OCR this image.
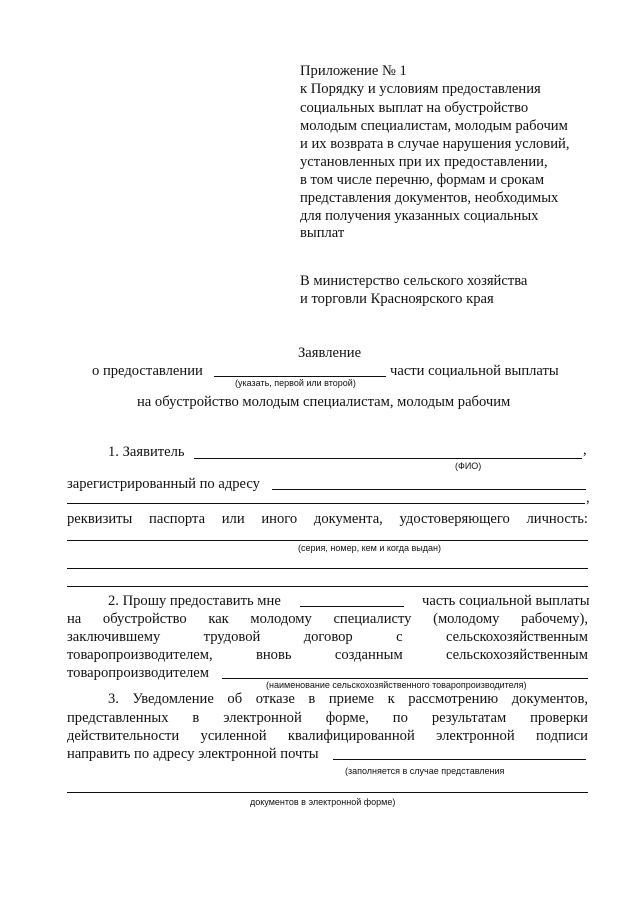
Приложение № 1
к Порядку и условиям предоставления
социальных выплат на обустройство
молодым специалистам, молодым рабочим
и их возврата в случае нарушения условий,
установленных при их предоставлении,
в том числе перечню, формам и срокам
представления документов, необходимых
для получения указанных социальных
выплат
В министерство сельского хозяйства
и торговли Красноярского края
Заявление
о предоставлении	части социальной выплаты
(указать, первой или второй)
на обустройство молодым специалистам, молодым рабочим
1. Заявитель	,
(ФИО)
зарегистрированный по адресу
,
реквизиты паспорта или иного документа, удостоверяющего личность:
(серия, номер, кем и когда выдан)
2. Прошу предоставить мне	часть социальной выплаты
на обустройство как молодому специалисту (молодому рабочему),
заключившему	трудовой	договор	с	сельскохозяйственным
товаропроизводителем,	вновь	созданным	сельскохозяйственным
товаропроизводителем
(наименование сельскохозяйственного товаропроизводителя)
3. Уведомление об отказе в приеме к рассмотрению документов,
представленных в электронной форме, по результатам проверки
действительности усиленной квалифицированной электронной подписи
направить по адресу электронной почты
(заполняется в случае представления
документов в электронной форме)
